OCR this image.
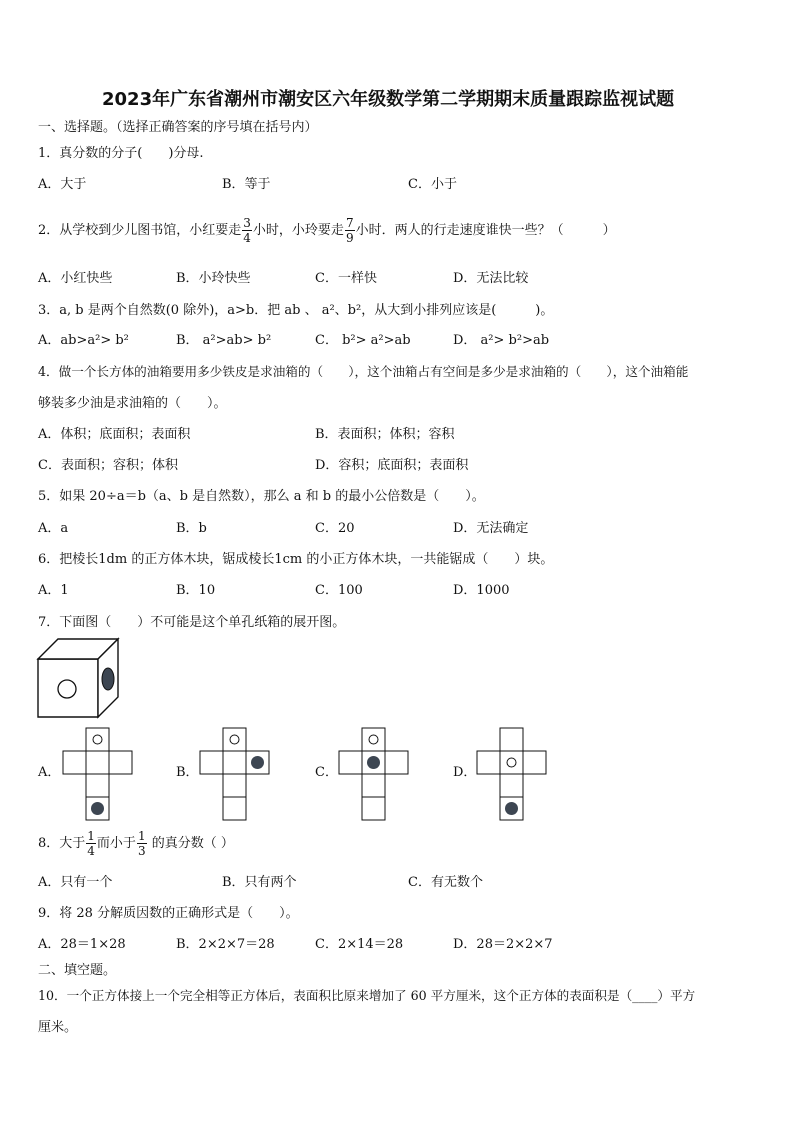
2023年广东省潮州市潮安区六年级数学第二学期期末质量跟踪监视试题
一、选择题。（选择正确答案的序号填在括号内）
1．真分数的分子(　　)分母.
A．大于	B．等于	C．小于
2．从学校到少儿图书馆，小红要走 $\frac{3}{4}$ 小时，小玲要走 $\frac{7}{9}$ 小时．两人的行走速度谁快一些？（　　　）
A．小红快些	B．小玲快些	C．一样快	D．无法比较
3．a, b 是两个自然数(0 除外)，a>b．把 ab 、 a²、b²，从大到小排列应该是(　　　)。
A．ab>a²> b²	B． a²>ab> b²	C． b²> a²>ab	D． a²> b²>ab
4．做一个长方体的油箱要用多少铁皮是求油箱的（　　），这个油箱占有空间是多少是求油箱的（　　），这个油箱能
够装多少油是求油箱的（　　）。
A．体积；底面积；表面积	B．表面积；体积；容积
C．表面积；容积；体积	D．容积；底面积；表面积
5．如果 20÷a＝b（a、b 是自然数），那么 a 和 b 的最小公倍数是（　　）。
A．a	B．b	C．20	D．无法确定
6．把棱长1dm 的正方体木块，锯成棱长1cm 的小正方体木块，一共能锯成（　　）块。
A．1	B．10	C．100	D．1000
7．下面图（　　）不可能是这个单孔纸箱的展开图。
A．	B．	C．	D．
8．大于 $\frac{1}{4}$ 而小于 $\frac{1}{3}$ 的真分数（ ）
A．只有一个	B．只有两个	C．有无数个
9．将 28 分解质因数的正确形式是（　　）。
A．28＝1×28	B．2×2×7＝28	C．2×14＝28	D．28＝2×2×7
二、填空题。
10．一个正方体接上一个完全相等正方体后，表面积比原来增加了 60 平方厘米，这个正方体的表面积是（____）平方
厘米。
